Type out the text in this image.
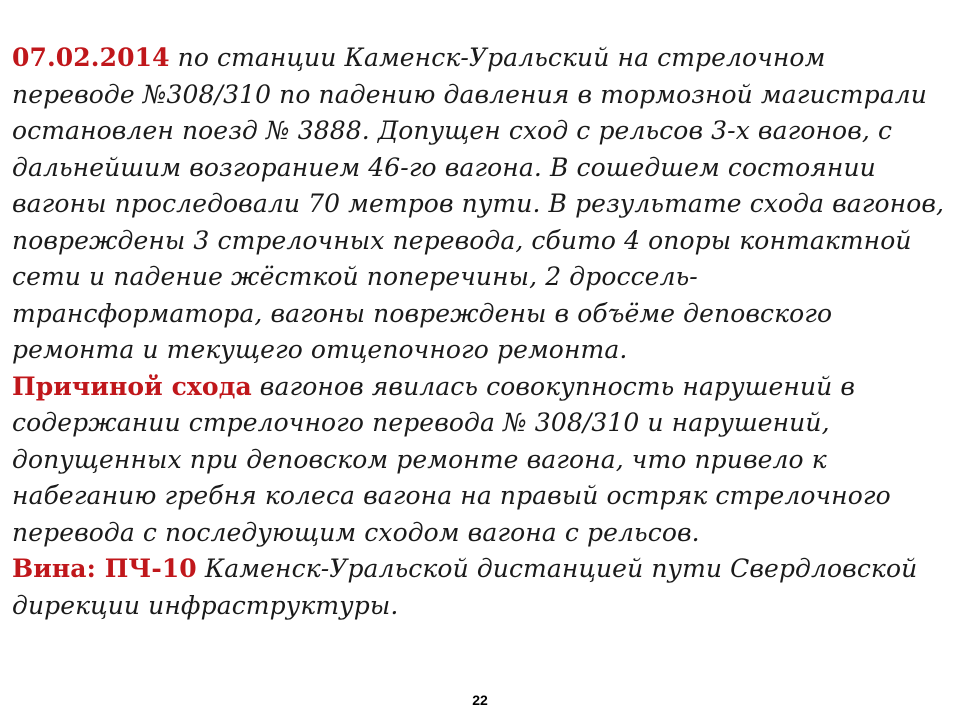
07.02.2014 по станции Каменск-Уральский на стрелочном переводе №308/310 по падению давления в тормозной магистрали остановлен поезд № 3888. Допущен сход с рельсов 3-х вагонов, с дальнейшим возгоранием 46-го вагона. В сошедшем состоянии вагоны проследовали 70 метров пути. В результате схода вагонов, повреждены 3 стрелочных перевода, сбито 4 опоры контактной сети и падение жёсткой поперечины, 2 дроссель-трансформатора, вагоны повреждены в объёме деповского ремонта и текущего отцепочного ремонта.

Причиной схода вагонов явилась совокупность нарушений в содержании стрелочного перевода № 308/310 и нарушений, допущенных при деповском ремонте вагона, что привело к набеганию гребня колеса вагона на правый остряк стрелочного перевода с последующим сходом вагона с рельсов.

Вина: ПЧ-10 Каменск-Уральской дистанцией пути Свердловской дирекции инфраструктуры.

22
